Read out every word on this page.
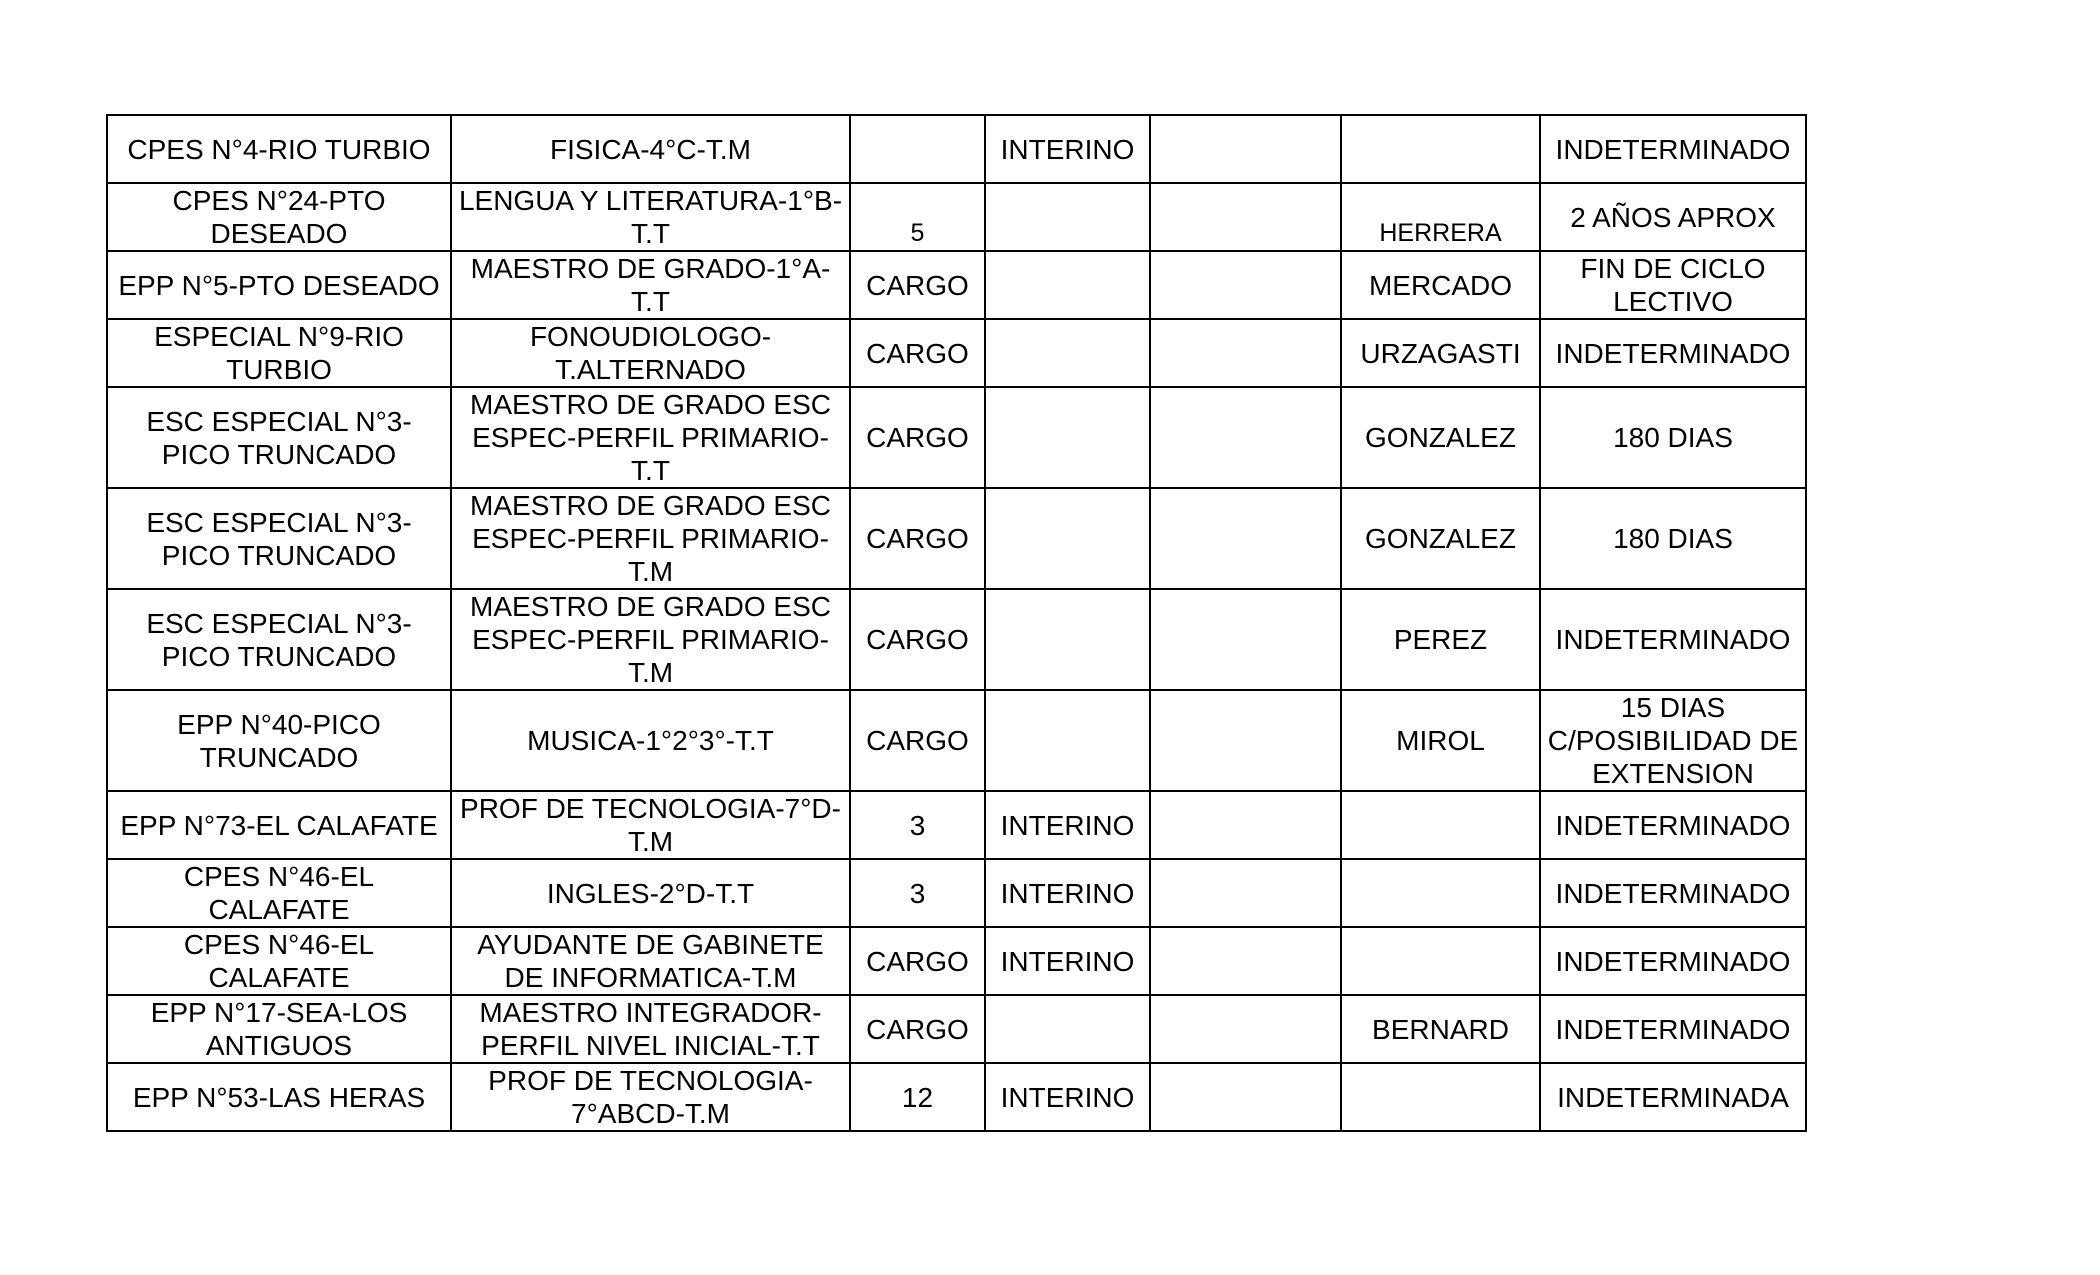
CPES N°4-RIO TURBIO	FISICA-4°C-T.M		INTERINO			INDETERMINADO
CPES N°24-PTO DESEADO	LENGUA Y LITERATURA-1°B-T.T	5			HERRERA	2 AÑOS APROX
EPP N°5-PTO DESEADO	MAESTRO DE GRADO-1°A-T.T	CARGO			MERCADO	FIN DE CICLO LECTIVO
ESPECIAL N°9-RIO TURBIO	FONOUDIOLOGO-T.ALTERNADO	CARGO			URZAGASTI	INDETERMINADO
ESC ESPECIAL N°3-PICO TRUNCADO	MAESTRO DE GRADO ESC ESPEC-PERFIL PRIMARIO-T.T	CARGO			GONZALEZ	180 DIAS
ESC ESPECIAL N°3-PICO TRUNCADO	MAESTRO DE GRADO ESC ESPEC-PERFIL PRIMARIO-T.M	CARGO			GONZALEZ	180 DIAS
ESC ESPECIAL N°3-PICO TRUNCADO	MAESTRO DE GRADO ESC ESPEC-PERFIL PRIMARIO-T.M	CARGO			PEREZ	INDETERMINADO
EPP N°40-PICO TRUNCADO	MUSICA-1°2°3°-T.T	CARGO			MIROL	15 DIAS C/POSIBILIDAD DE EXTENSION
EPP N°73-EL CALAFATE	PROF DE TECNOLOGIA-7°D-T.M	3	INTERINO			INDETERMINADO
CPES N°46-EL CALAFATE	INGLES-2°D-T.T	3	INTERINO			INDETERMINADO
CPES N°46-EL CALAFATE	AYUDANTE DE GABINETE DE INFORMATICA-T.M	CARGO	INTERINO			INDETERMINADO
EPP N°17-SEA-LOS ANTIGUOS	MAESTRO INTEGRADOR-PERFIL NIVEL INICIAL-T.T	CARGO			BERNARD	INDETERMINADO
EPP N°53-LAS HERAS	PROF DE TECNOLOGIA-7°ABCD-T.M	12	INTERINO			INDETERMINADA
